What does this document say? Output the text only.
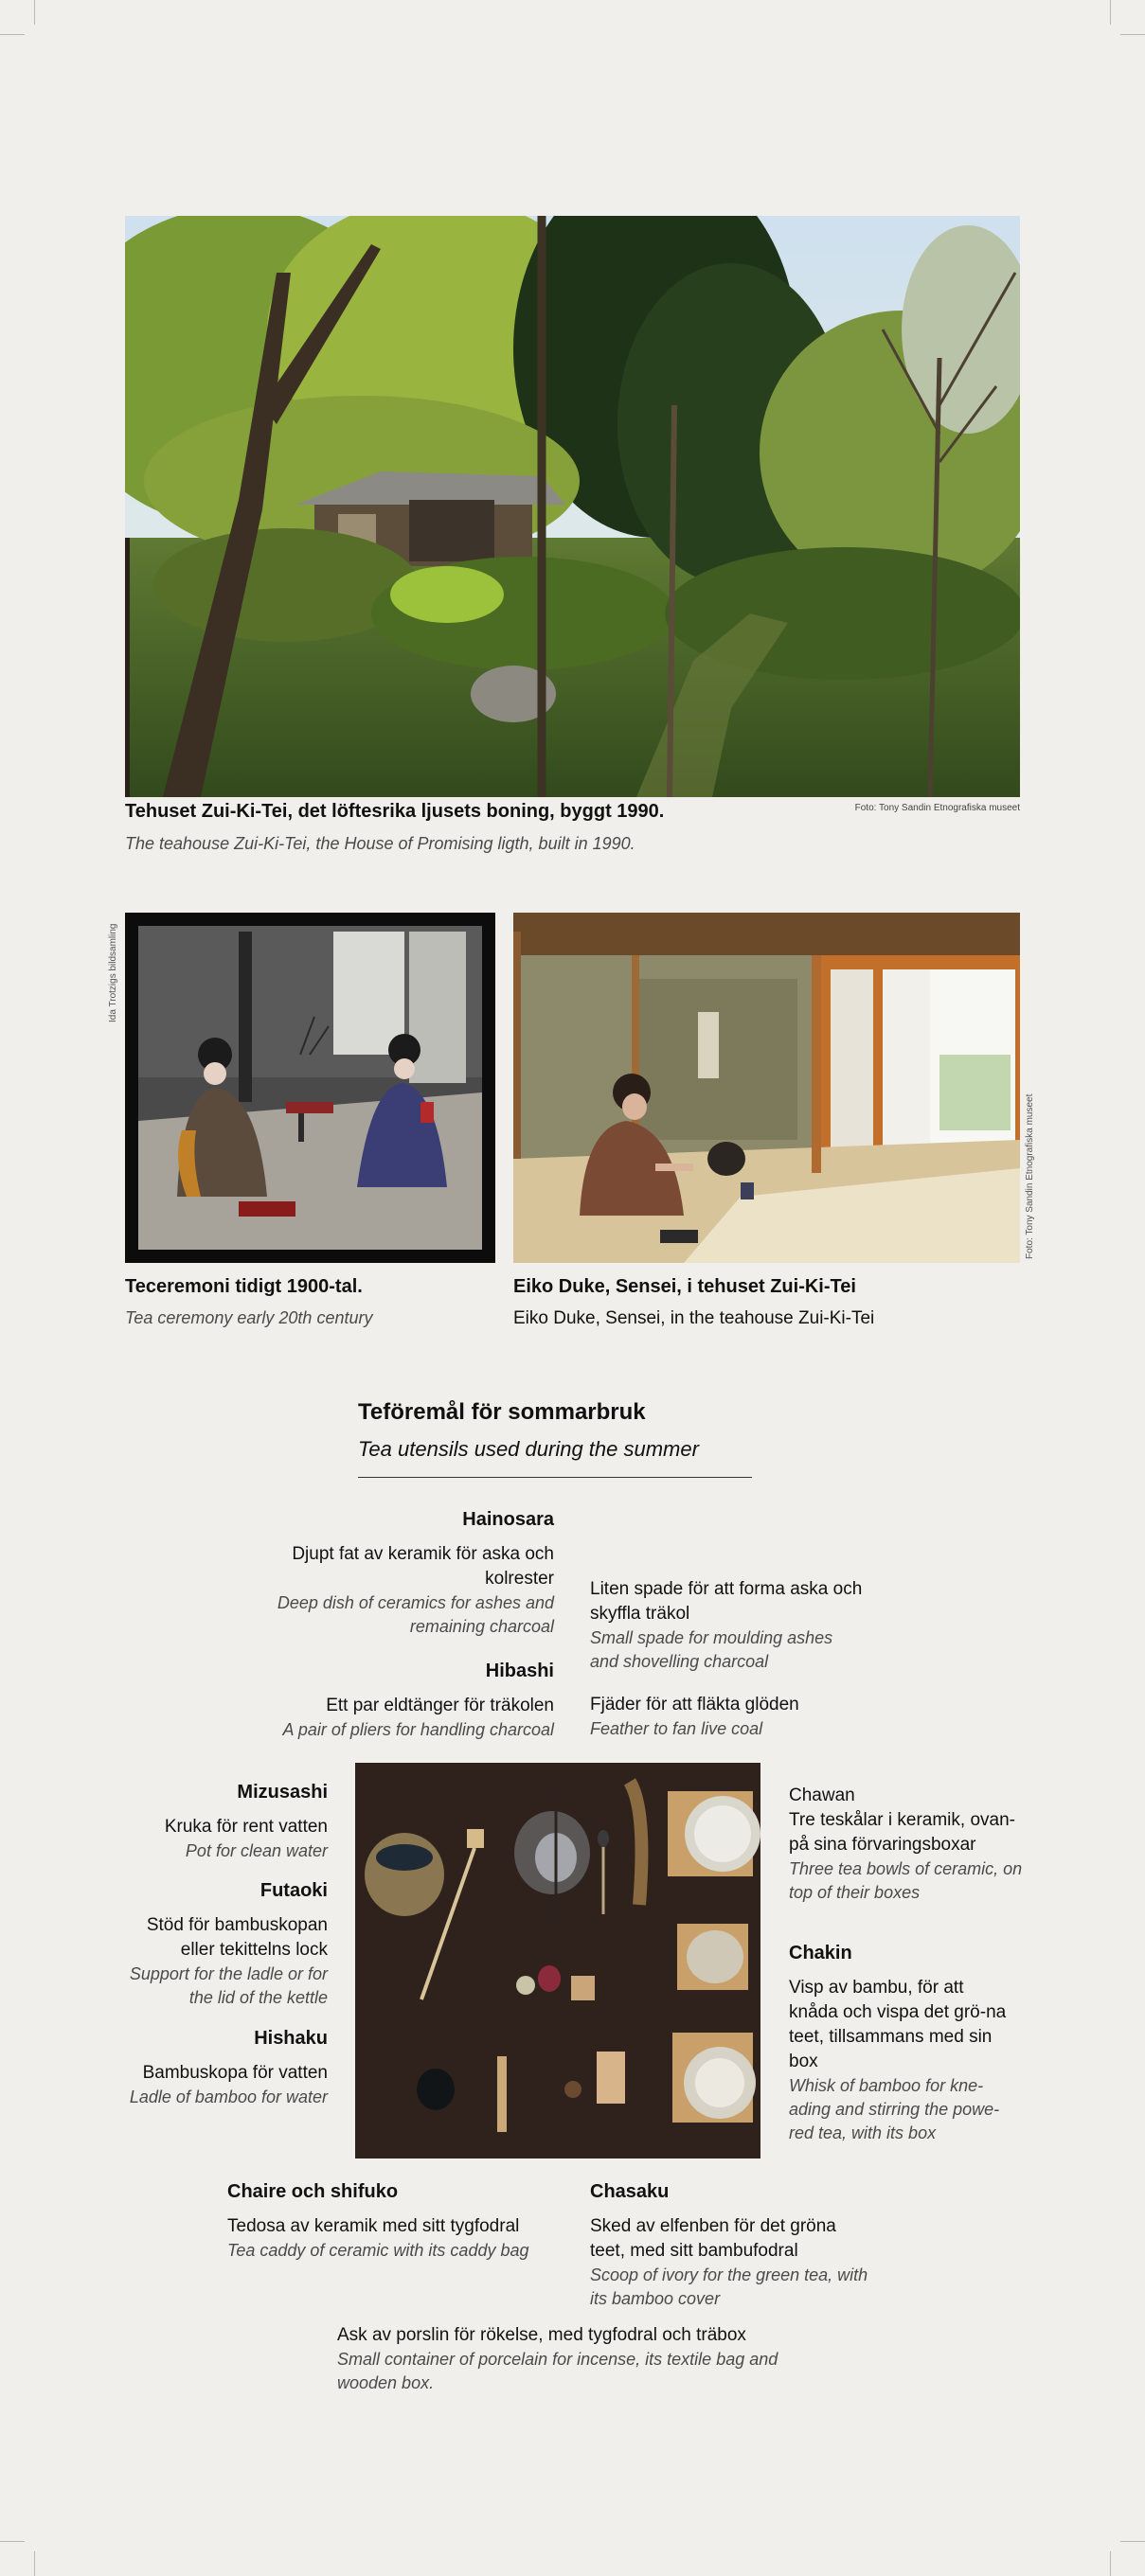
Tehuset Zui-Ki-Tei, det löftesrika ljusets boning, byggt 1990.	Foto: Tony Sandin Etnografiska museet
The teahouse Zui-Ki-Tei, the House of Promising ligth, built in 1990.
Ida Trotzigs bildsamling
Teceremoni tidigt 1900-tal.
Tea ceremony early 20th century
Foto: Tony Sandin Etnografiska museet
Eiko Duke, Sensei, i tehuset Zui-Ki-Tei
Eiko Duke, Sensei, in the teahouse Zui-Ki-Tei
Teföremål för sommarbruk
Tea utensils used during the summer
Hainosara
Djupt fat av keramik för aska och kolrester
Deep dish of ceramics for ashes and remaining charcoal
Liten spade för att forma aska och skyffla träkol
Small spade for moulding ashes and shovelling charcoal
Hibashi
Ett par eldtänger för träkolen
A pair of pliers for handling charcoal
Fjäder för att fläkta glöden
Feather to fan live coal
Mizusashi
Kruka för rent vatten
Pot for clean water
Futaoki
Stöd för bambuskopan eller tekittelns lock
Support for the ladle or for the lid of the kettle
Hishaku
Bambuskopa för vatten
Ladle of bamboo for water
Chawan
Tre teskålar i keramik, ovan-på sina förvaringsboxar
Three tea bowls of ceramic, on top of their boxes
Chakin
Visp av bambu, för att knåda och vispa det grö-na teet, tillsammans med sin box
Whisk of bamboo for kne-ading and stirring the powe-red tea, with its box
Chaire och shifuko
Tedosa av keramik med sitt tygfodral
Tea caddy of ceramic with its caddy bag
Chasaku
Sked av elfenben för det gröna teet, med sitt bambufodral
Scoop of ivory for the green tea, with its bamboo cover
Ask av porslin för rökelse, med tygfodral och träbox
Small container of porcelain for incense, its textile bag and wooden box.
